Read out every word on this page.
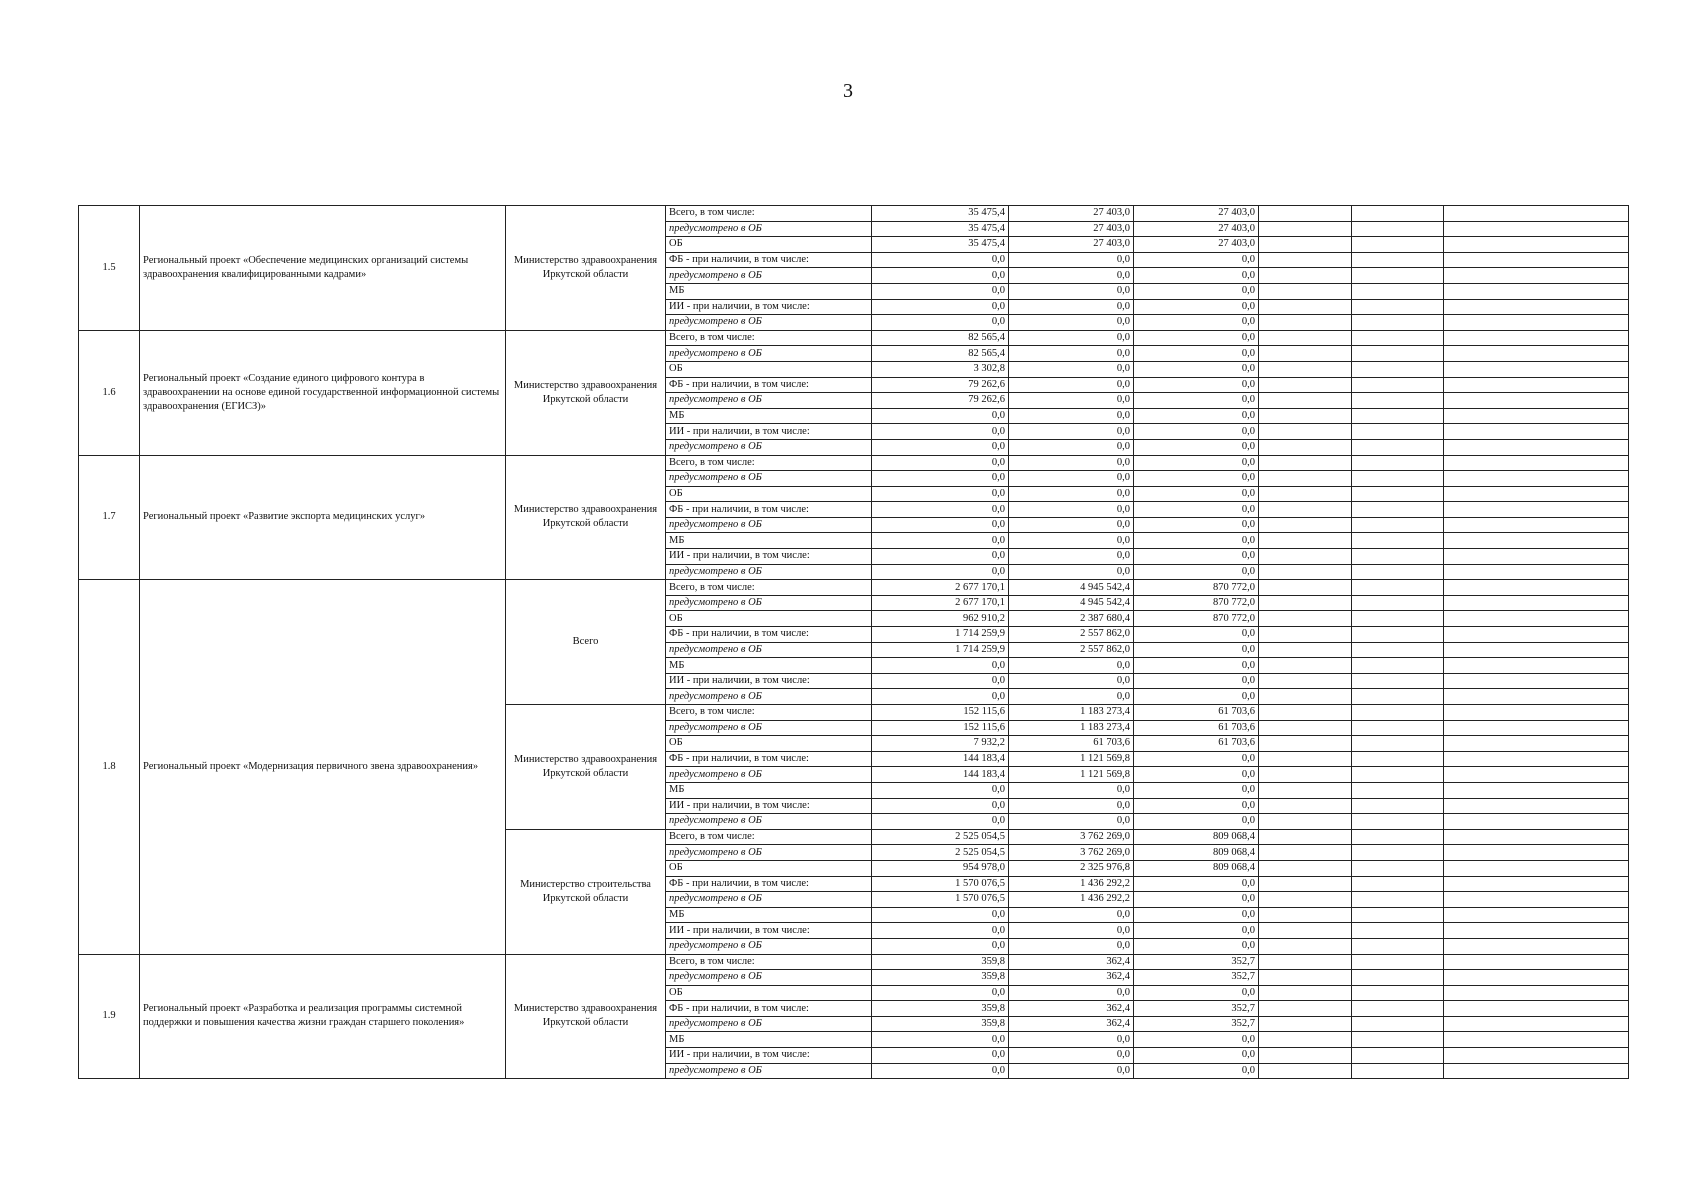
3
1.5	Региональный проект «Обеспечение медицинских организаций системы здравоохранения квалифицированными кадрами»	Министерство здравоохранения Иркутской области	Всего, в том числе:	35 475,4	27 403,0	27 403,0			
			предусмотрено в ОБ	35 475,4	27 403,0	27 403,0			
			ОБ	35 475,4	27 403,0	27 403,0			
			ФБ - при наличии, в том числе:	0,0	0,0	0,0			
			предусмотрено в ОБ	0,0	0,0	0,0			
			МБ	0,0	0,0	0,0			
			ИИ - при наличии, в том числе:	0,0	0,0	0,0			
			предусмотрено в ОБ	0,0	0,0	0,0			
1.6	Региональный проект «Создание единого цифрового контура в здравоохранении на основе единой государственной информационной системы здравоохранения (ЕГИСЗ)»	Министерство здравоохранения Иркутской области	Всего, в том числе:	82 565,4	0,0	0,0			
			предусмотрено в ОБ	82 565,4	0,0	0,0			
			ОБ	3 302,8	0,0	0,0			
			ФБ - при наличии, в том числе:	79 262,6	0,0	0,0			
			предусмотрено в ОБ	79 262,6	0,0	0,0			
			МБ	0,0	0,0	0,0			
			ИИ - при наличии, в том числе:	0,0	0,0	0,0			
			предусмотрено в ОБ	0,0	0,0	0,0			
1.7	Региональный проект «Развитие экспорта медицинских услуг»	Министерство здравоохранения Иркутской области	Всего, в том числе:	0,0	0,0	0,0			
			предусмотрено в ОБ	0,0	0,0	0,0			
			ОБ	0,0	0,0	0,0			
			ФБ - при наличии, в том числе:	0,0	0,0	0,0			
			предусмотрено в ОБ	0,0	0,0	0,0			
			МБ	0,0	0,0	0,0			
			ИИ - при наличии, в том числе:	0,0	0,0	0,0			
			предусмотрено в ОБ	0,0	0,0	0,0			
1.8	Региональный проект «Модернизация первичного звена здравоохранения»	Всего	Всего, в том числе:	2 677 170,1	4 945 542,4	870 772,0			
			предусмотрено в ОБ	2 677 170,1	4 945 542,4	870 772,0			
			ОБ	962 910,2	2 387 680,4	870 772,0			
			ФБ - при наличии, в том числе:	1 714 259,9	2 557 862,0	0,0			
			предусмотрено в ОБ	1 714 259,9	2 557 862,0	0,0			
			МБ	0,0	0,0	0,0			
			ИИ - при наличии, в том числе:	0,0	0,0	0,0			
			предусмотрено в ОБ	0,0	0,0	0,0			
		Министерство здравоохранения Иркутской области	Всего, в том числе:	152 115,6	1 183 273,4	61 703,6			
			предусмотрено в ОБ	152 115,6	1 183 273,4	61 703,6			
			ОБ	7 932,2	61 703,6	61 703,6			
			ФБ - при наличии, в том числе:	144 183,4	1 121 569,8	0,0			
			предусмотрено в ОБ	144 183,4	1 121 569,8	0,0			
			МБ	0,0	0,0	0,0			
			ИИ - при наличии, в том числе:	0,0	0,0	0,0			
			предусмотрено в ОБ	0,0	0,0	0,0			
		Министерство строительства Иркутской области	Всего, в том числе:	2 525 054,5	3 762 269,0	809 068,4			
			предусмотрено в ОБ	2 525 054,5	3 762 269,0	809 068,4			
			ОБ	954 978,0	2 325 976,8	809 068,4			
			ФБ - при наличии, в том числе:	1 570 076,5	1 436 292,2	0,0			
			предусмотрено в ОБ	1 570 076,5	1 436 292,2	0,0			
			МБ	0,0	0,0	0,0			
			ИИ - при наличии, в том числе:	0,0	0,0	0,0			
			предусмотрено в ОБ	0,0	0,0	0,0			
1.9	Региональный проект «Разработка и реализация программы системной поддержки и повышения качества жизни граждан старшего поколения»	Министерство здравоохранения Иркутской области	Всего, в том числе:	359,8	362,4	352,7			
			предусмотрено в ОБ	359,8	362,4	352,7			
			ОБ	0,0	0,0	0,0			
			ФБ - при наличии, в том числе:	359,8	362,4	352,7			
			предусмотрено в ОБ	359,8	362,4	352,7			
			МБ	0,0	0,0	0,0			
			ИИ - при наличии, в том числе:	0,0	0,0	0,0			
			предусмотрено в ОБ	0,0	0,0	0,0			
